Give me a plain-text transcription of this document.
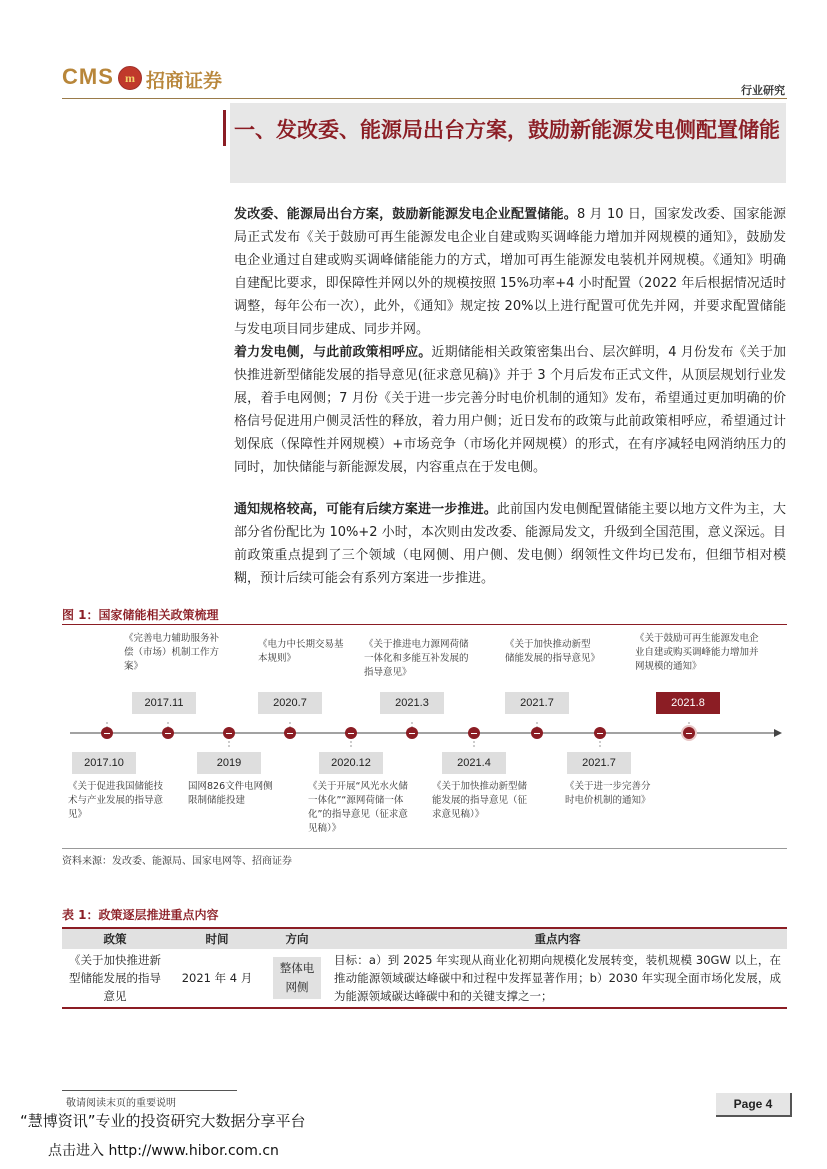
CMS m 招商证券	行业研究
一、发改委、能源局出台方案，鼓励新能源发电侧配置储能
发改委、能源局出台方案，鼓励新能源发电企业配置储能。8 月 10 日，国家发改委、国家能源局正式发布《关于鼓励可再生能源发电企业自建或购买调峰能力增加并网规模的通知》，鼓励发电企业通过自建或购买调峰储能能力的方式，增加可再生能源发电装机并网规模。《通知》明确自建配比要求，即保障性并网以外的规模按照 15%功率+4 小时配置（2022 年后根据情况适时调整，每年公布一次），此外，《通知》规定按 20%以上进行配置可优先并网，并要求配置储能与发电项目同步建成、同步并网。
着力发电侧，与此前政策相呼应。近期储能相关政策密集出台、层次鲜明，4 月份发布《关于加快推进新型储能发展的指导意见(征求意见稿)》并于 3 个月后发布正式文件，从顶层规划行业发展，着手电网侧；7 月份《关于进一步完善分时电价机制的通知》发布，希望通过更加明确的价格信号促进用户侧灵活性的释放，着力用户侧；近日发布的政策与此前政策相呼应，希望通过计划保底（保障性并网规模）+市场竞争（市场化并网规模）的形式，在有序减轻电网消纳压力的同时，加快储能与新能源发展，内容重点在于发电侧。
通知规格较高，可能有后续方案进一步推进。此前国内发电侧配置储能主要以地方文件为主，大部分省份配比为 10%+2 小时，本次则由发改委、能源局发文，升级到全国范围，意义深远。目前政策重点提到了三个领域（电网侧、用户侧、发电侧）纲领性文件均已发布，但细节相对模糊，预计后续可能会有系列方案进一步推进。
图 1：国家储能相关政策梳理
《完善电力辅助服务补偿（市场）机制工作方案》
2017.11
《电力中长期交易基本规则》
2020.7
《关于推进电力源网荷储一体化和多能互补发展的指导意见》
2021.3
《关于加快推动新型储能发展的指导意见》
2021.7
《关于鼓励可再生能源发电企业自建或购买调峰能力增加并网规模的通知》
2021.8
2017.10
《关于促进我国储能技术与产业发展的指导意见》
2019
国网826文件电网侧限制储能投建
2020.12
《关于开展“风光水火储一体化”“源网荷储一体化”的指导意见（征求意见稿）》
2021.4
《关于加快推动新型储能发展的指导意见（征求意见稿）》
2021.7
《关于进一步完善分时电价机制的通知》
资料来源：发改委、能源局、国家电网等、招商证券
表 1：政策逐层推进重点内容
政策	时间	方向	重点内容
《关于加快推进新型储能发展的指导意见	2021 年 4 月	整体电网侧	目标：a）到 2025 年实现从商业化初期向规模化发展转变，装机规模 30GW 以上，在推动能源领域碳达峰碳中和过程中发挥显著作用；b）2030 年实现全面市场化发展，成为能源领域碳达峰碳中和的关键支撑之一；
敬请阅读末页的重要说明	Page 4
“慧博资讯”专业的投资研究大数据分享平台
点击进入 http://www.hibor.com.cn
